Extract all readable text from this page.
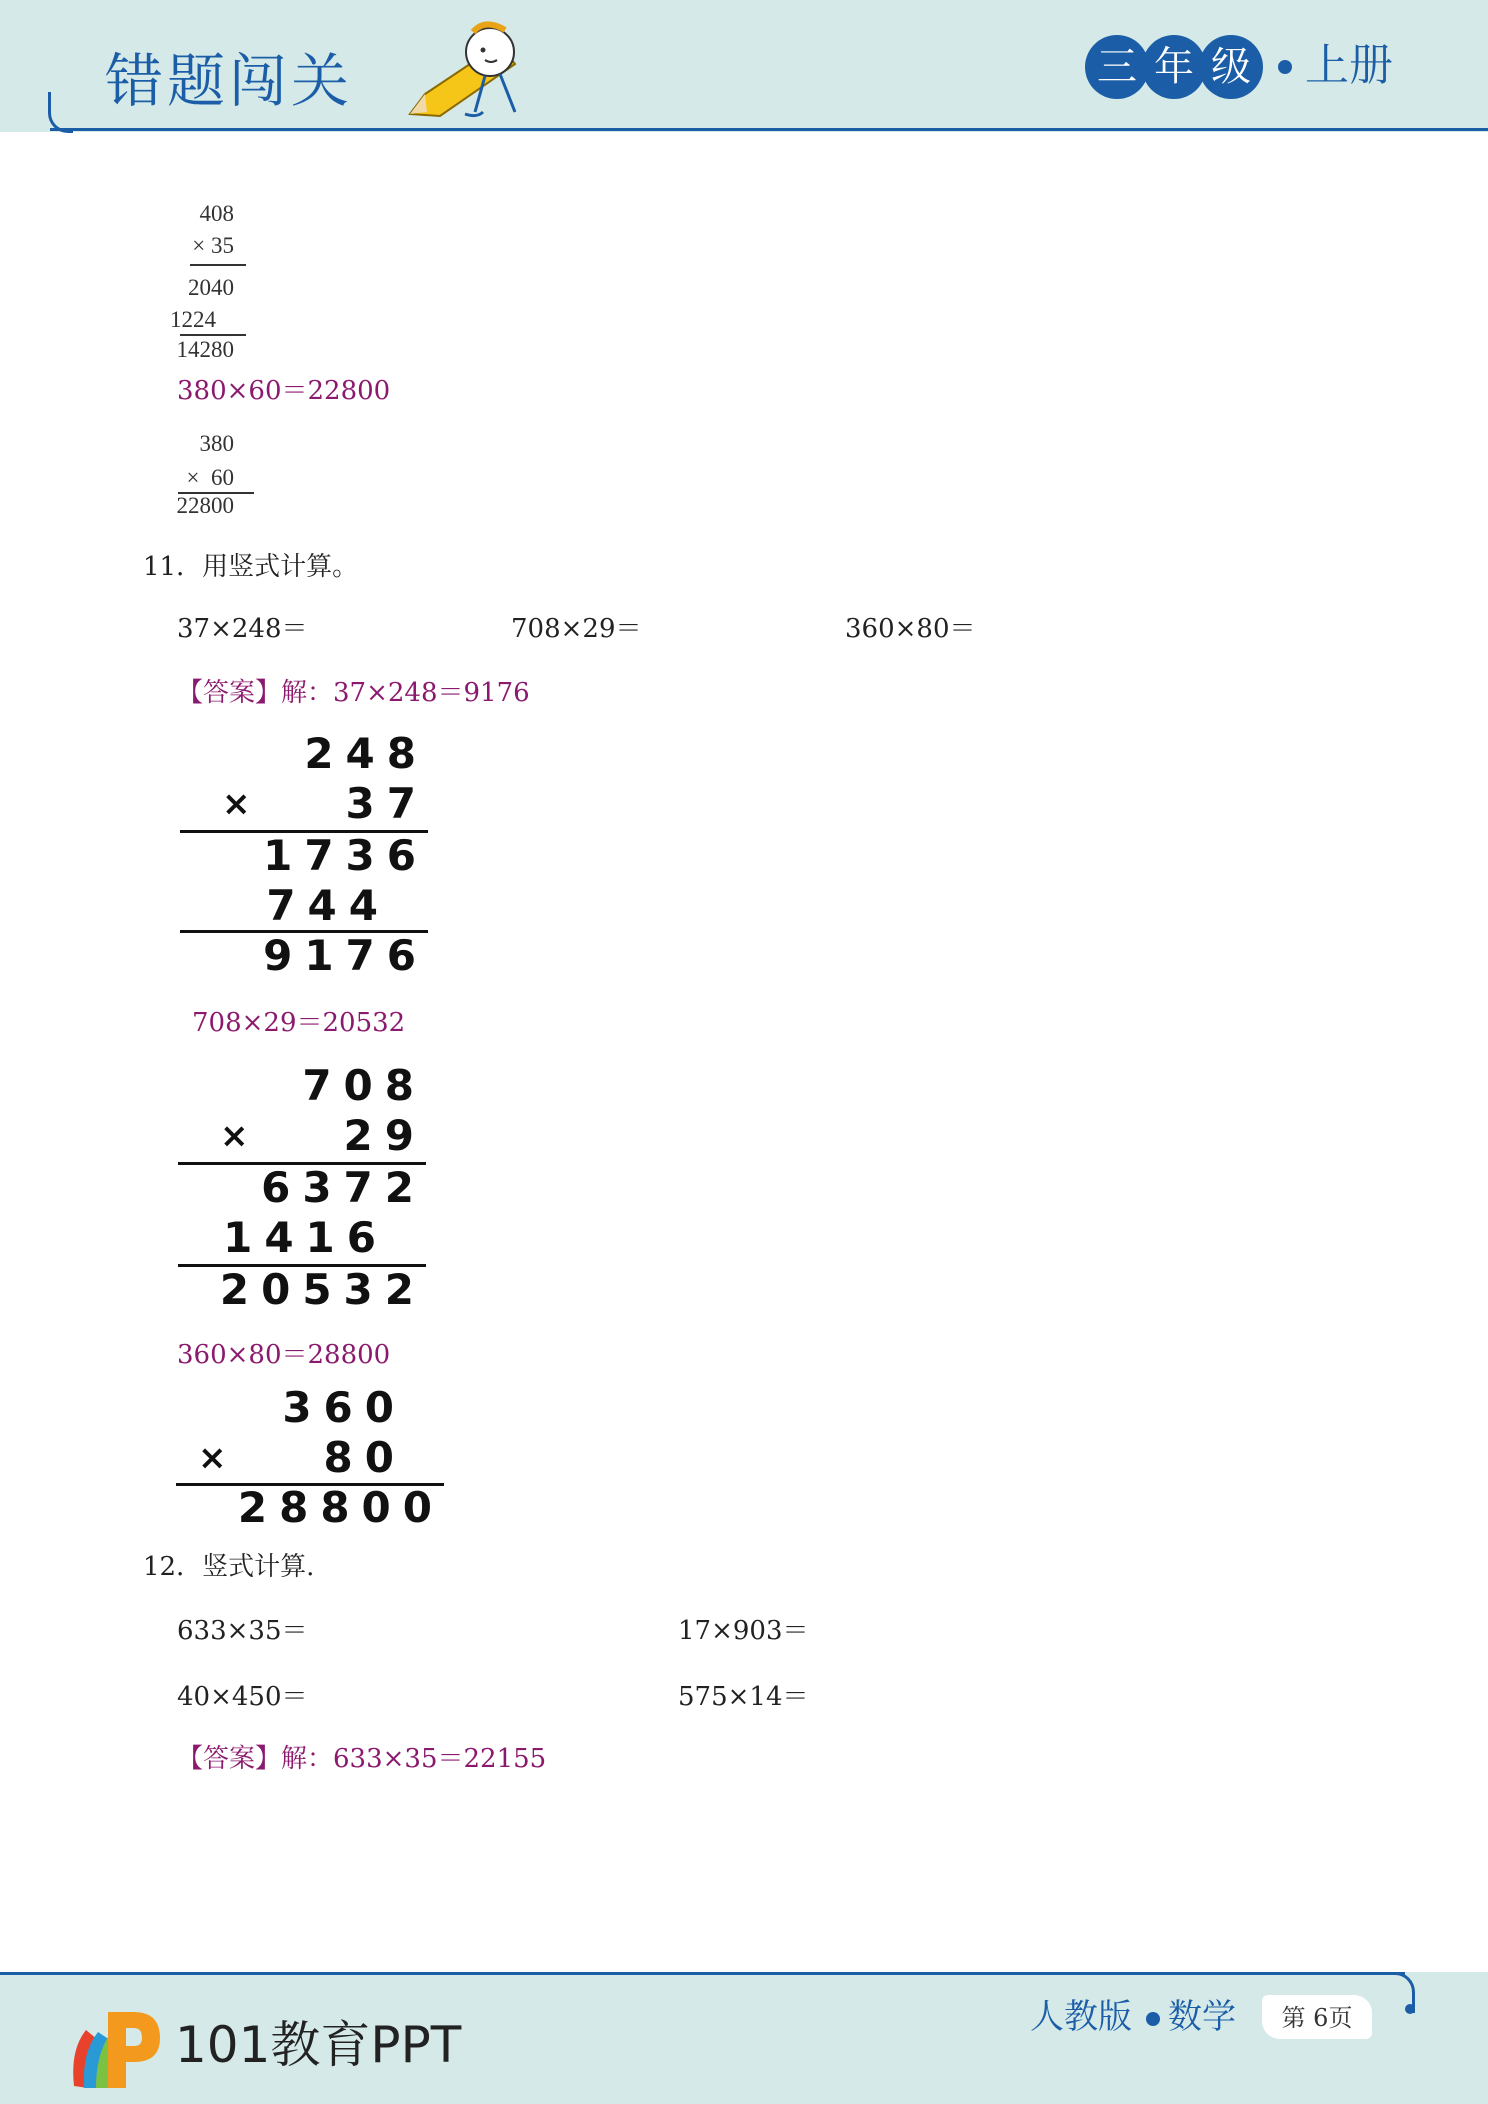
错题闯关	三 年 级 上册
408
× 35
2040
1224
14280
380×60＝22800
380
×  60
22800
11．用竖式计算。
37×248＝	708×29＝	360×80＝
【答案】解：37×248＝9176
248
× 37
1736
744
9176
708×29＝20532
708
× 29
6372
1416
20532
360×80＝28800
360
× 80
28800
12．竖式计算.
633×35＝	17×903＝
40×450＝	575×14＝
【答案】解：633×35＝22155
101教育PPT	人教版 数学	第 6页
